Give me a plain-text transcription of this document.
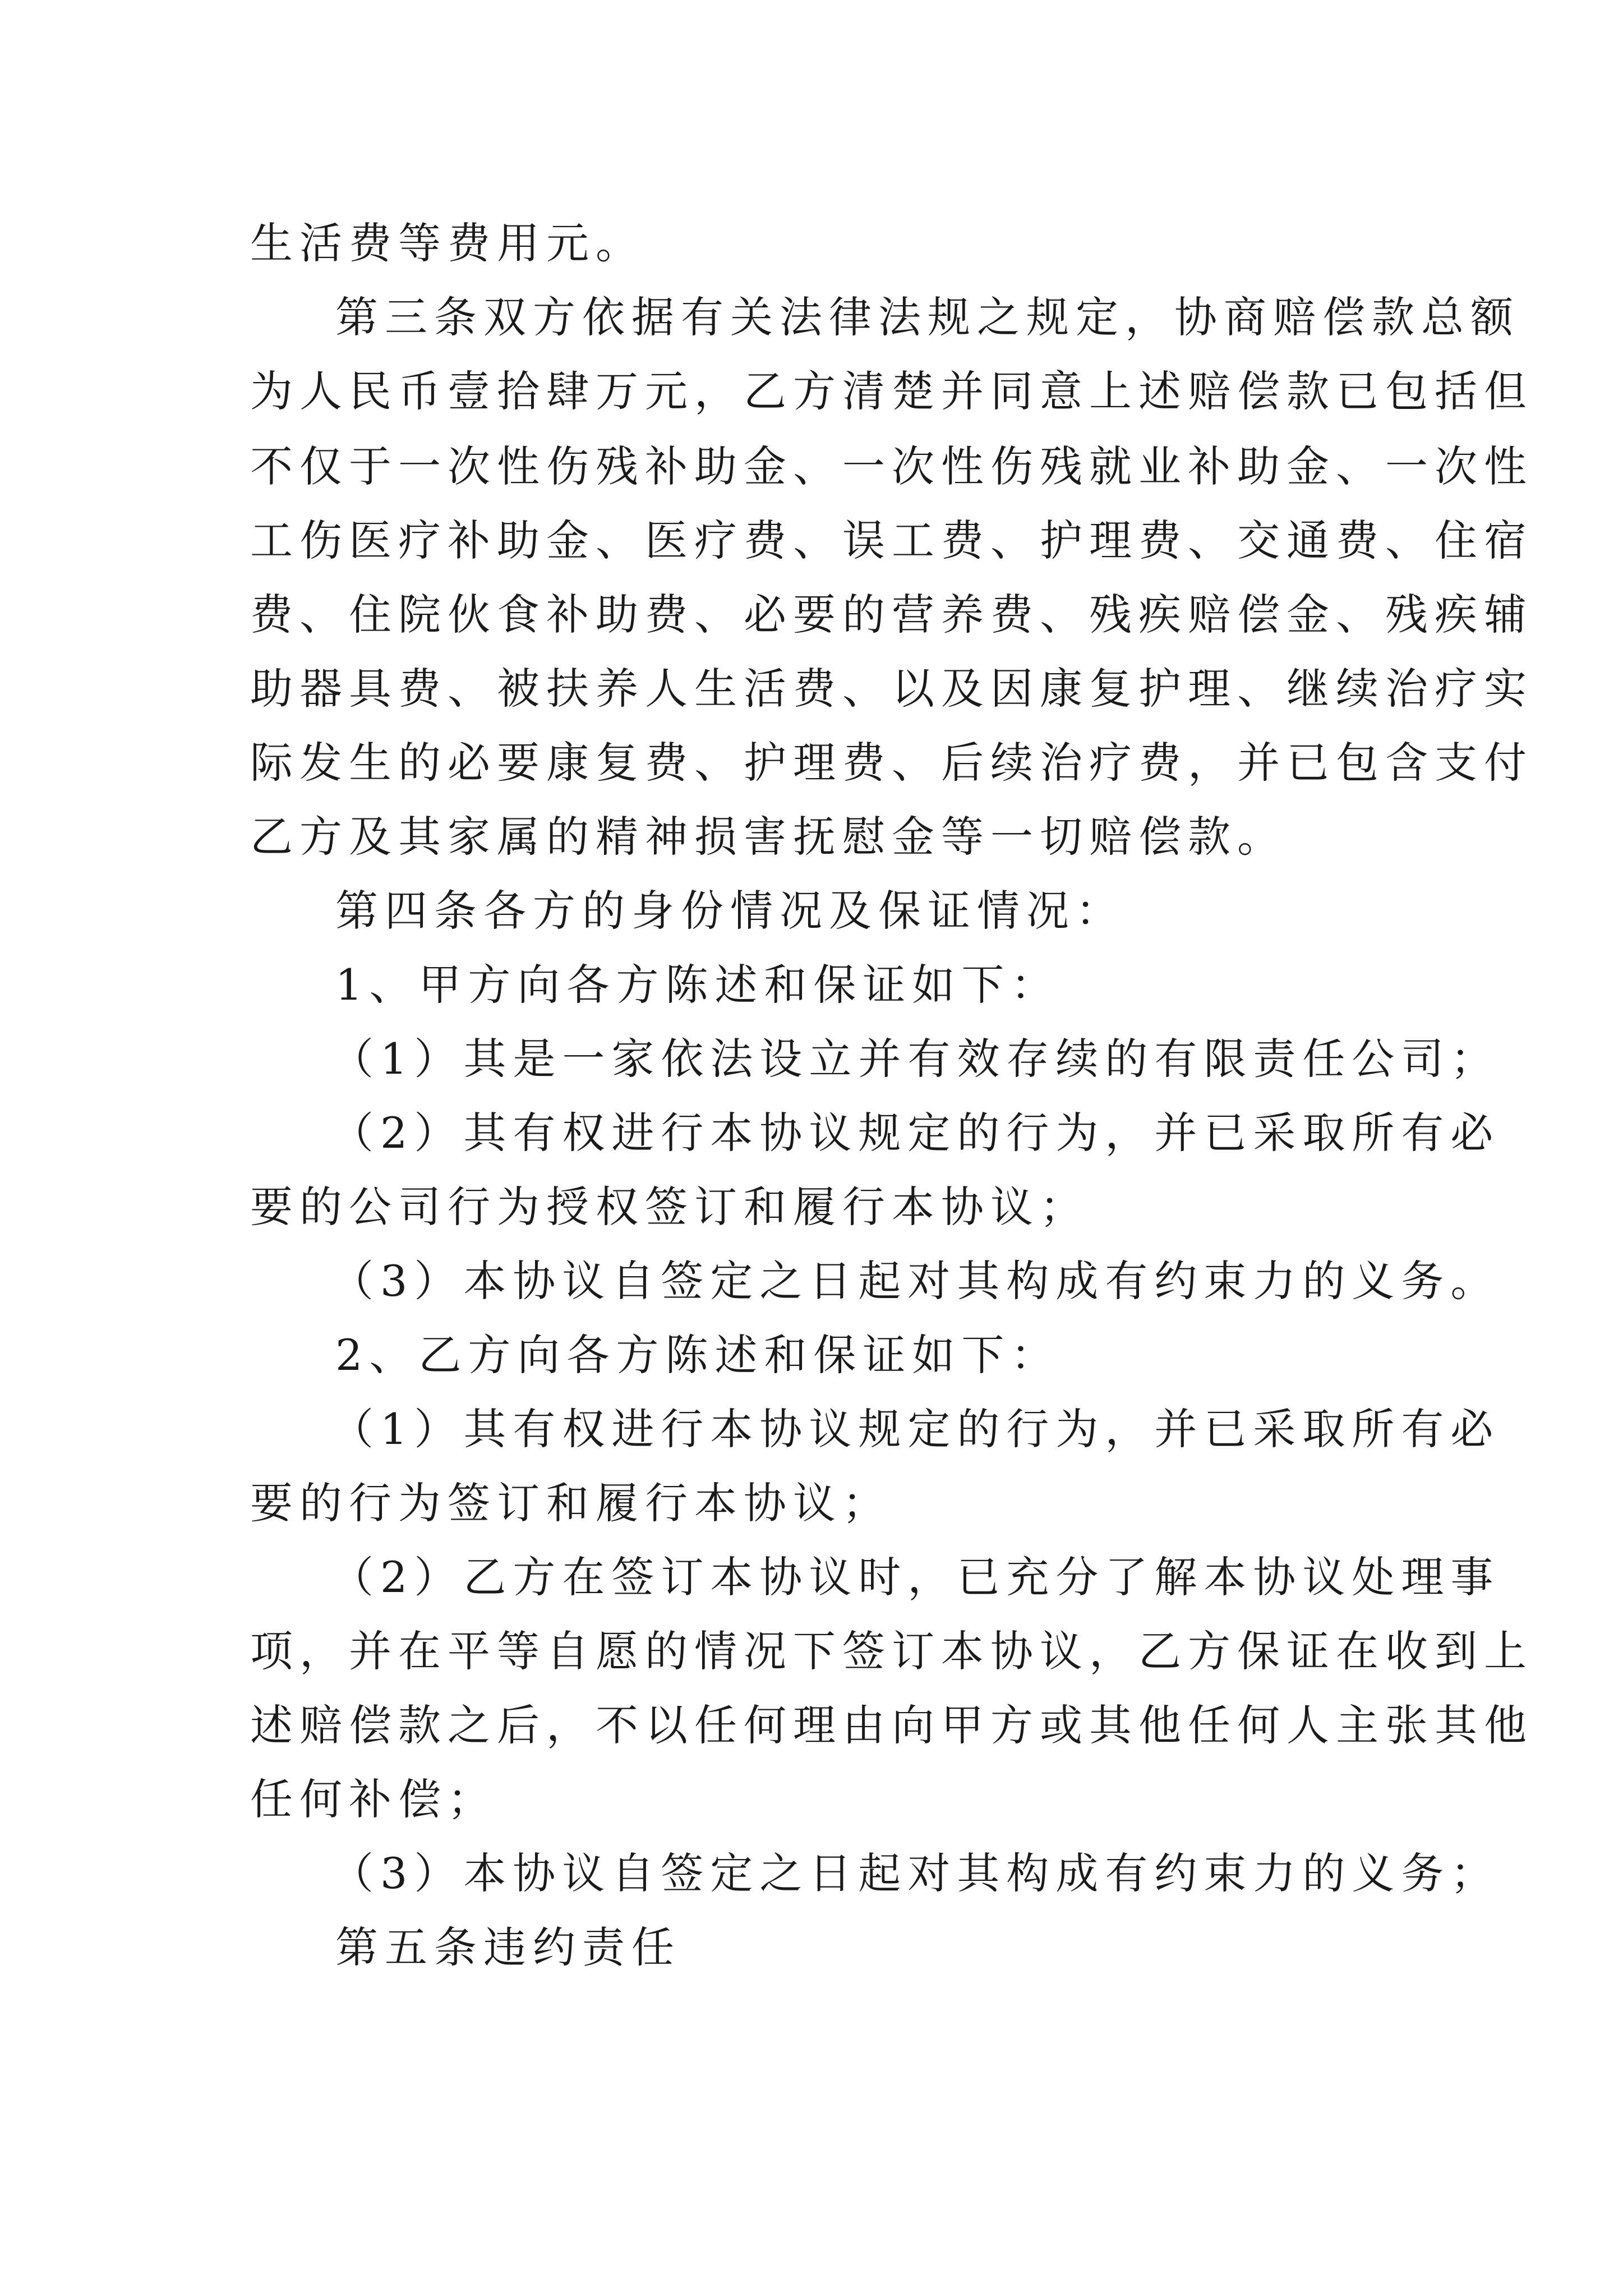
生活费等费用元。

第三条双方依据有关法律法规之规定，协商赔偿款总额

为人民币壹拾肆万元，乙方清楚并同意上述赔偿款已包括但

不仅于一次性伤残补助金、一次性伤残就业补助金、一次性

工伤医疗补助金、医疗费、误工费、护理费、交通费、住宿

费、住院伙食补助费、必要的营养费、残疾赔偿金、残疾辅

助器具费、被扶养人生活费、以及因康复护理、继续治疗实

际发生的必要康复费、护理费、后续治疗费，并已包含支付

乙方及其家属的精神损害抚慰金等一切赔偿款。

第四条各方的身份情况及保证情况：

1、甲方向各方陈述和保证如下：

（1）其是一家依法设立并有效存续的有限责任公司；

（2）其有权进行本协议规定的行为，并已采取所有必

要的公司行为授权签订和履行本协议；

（3）本协议自签定之日起对其构成有约束力的义务。

2、乙方向各方陈述和保证如下：

（1）其有权进行本协议规定的行为，并已采取所有必

要的行为签订和履行本协议；

（2）乙方在签订本协议时，已充分了解本协议处理事

项，并在平等自愿的情况下签订本协议，乙方保证在收到上

述赔偿款之后，不以任何理由向甲方或其他任何人主张其他

任何补偿；

（3）本协议自签定之日起对其构成有约束力的义务；

第五条违约责任
